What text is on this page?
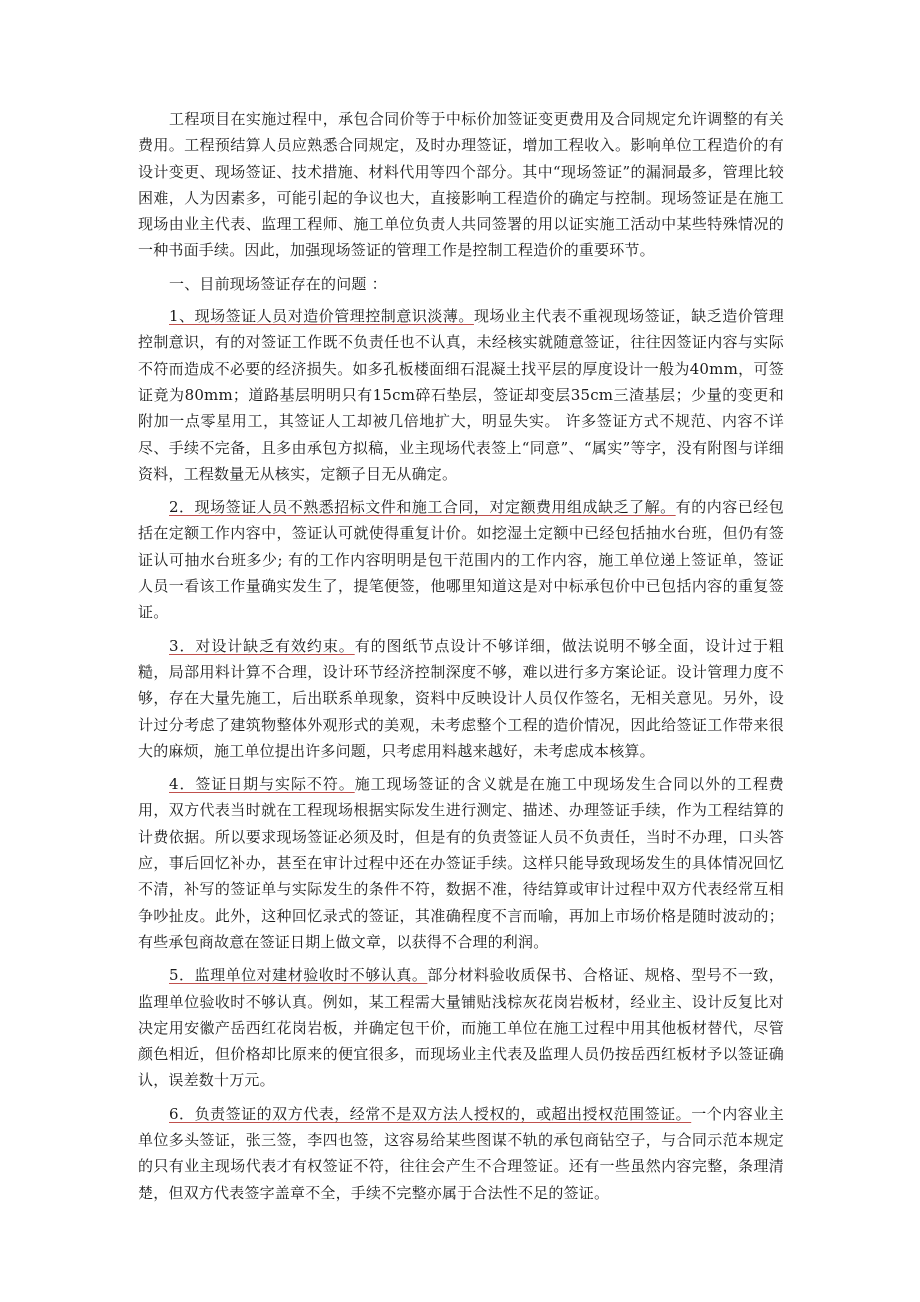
工程项目在实施过程中，承包合同价等于中标价加签证变更费用及合同规定允许调整的有关费用。工程预结算人员应熟悉合同规定，及时办理签证，增加工程收入。影响单位工程造价的有设计变更、现场签证、技术措施、材料代用等四个部分。其中“现场签证”的漏洞最多，管理比较困难，人为因素多，可能引起的争议也大，直接影响工程造价的确定与控制。现场签证是在施工现场由业主代表、监理工程师、施工单位负责人共同签署的用以证实施工活动中某些特殊情况的一种书面手续。因此，加强现场签证的管理工作是控制工程造价的重要环节。

一、目前现场签证存在的问题 ：

1、现场签证人员对造价管理控制意识淡薄。现场业主代表不重视现场签证，缺乏造价管理控制意识，有的对签证工作既不负责任也不认真，未经核实就随意签证，往往因签证内容与实际不符而造成不必要的经济损失。如多孔板楼面细石混凝土找平层的厚度设计一般为40mm，可签证竟为80mm；道路基层明明只有15cm碎石垫层，签证却变层35cm三渣基层；少量的变更和附加一点零星用工，其签证人工却被几倍地扩大，明显失实。 许多签证方式不规范、内容不详尽、手续不完备，且多由承包方拟稿，业主现场代表签上“同意”、“属实”等字，没有附图与详细资料，工程数量无从核实，定额子目无从确定。

2．现场签证人员不熟悉招标文件和施工合同，对定额费用组成缺乏了解。有的内容已经包括在定额工作内容中，签证认可就使得重复计价。如挖湿土定额中已经包括抽水台班，但仍有签证认可抽水台班多少; 有的工作内容明明是包干范围内的工作内容，施工单位递上签证单，签证人员一看该工作量确实发生了，提笔便签，他哪里知道这是对中标承包价中已包括内容的重复签证。

3．对设计缺乏有效约束。有的图纸节点设计不够详细，做法说明不够全面，设计过于粗糙，局部用料计算不合理，设计环节经济控制深度不够，难以进行多方案论证。设计管理力度不够，存在大量先施工，后出联系单现象，资料中反映设计人员仅作签名，无相关意见。另外，设计过分考虑了建筑物整体外观形式的美观，未考虑整个工程的造价情况，因此给签证工作带来很大的麻烦，施工单位提出许多问题，只考虑用料越来越好，未考虑成本核算。

4．签证日期与实际不符。施工现场签证的含义就是在施工中现场发生合同以外的工程费用，双方代表当时就在工程现场根据实际发生进行测定、描述、办理签证手续，作为工程结算的计费依据。所以要求现场签证必须及时，但是有的负责签证人员不负责任，当时不办理，口头答应，事后回忆补办，甚至在审计过程中还在办签证手续。这样只能导致现场发生的具体情况回忆不清，补写的签证单与实际发生的条件不符，数据不准，待结算或审计过程中双方代表经常互相争吵扯皮。此外，这种回忆录式的签证，其准确程度不言而喻，再加上市场价格是随时波动的；有些承包商故意在签证日期上做文章，以获得不合理的利润。

5．监理单位对建材验收时不够认真。部分材料验收质保书、合格证、规格、型号不一致，监理单位验收时不够认真。例如，某工程需大量铺贴浅棕灰花岗岩板材，经业主、设计反复比对决定用安徽产岳西红花岗岩板，并确定包干价，而施工单位在施工过程中用其他板材替代，尽管颜色相近，但价格却比原来的便宜很多，而现场业主代表及监理人员仍按岳西红板材予以签证确认，误差数十万元。

6．负责签证的双方代表，经常不是双方法人授权的，或超出授权范围签证。一个内容业主单位多头签证，张三签，李四也签，这容易给某些图谋不轨的承包商钻空子，与合同示范本规定的只有业主现场代表才有权签证不符，往往会产生不合理签证。还有一些虽然内容完整，条理清楚，但双方代表签字盖章不全，手续不完整亦属于合法性不足的签证。
